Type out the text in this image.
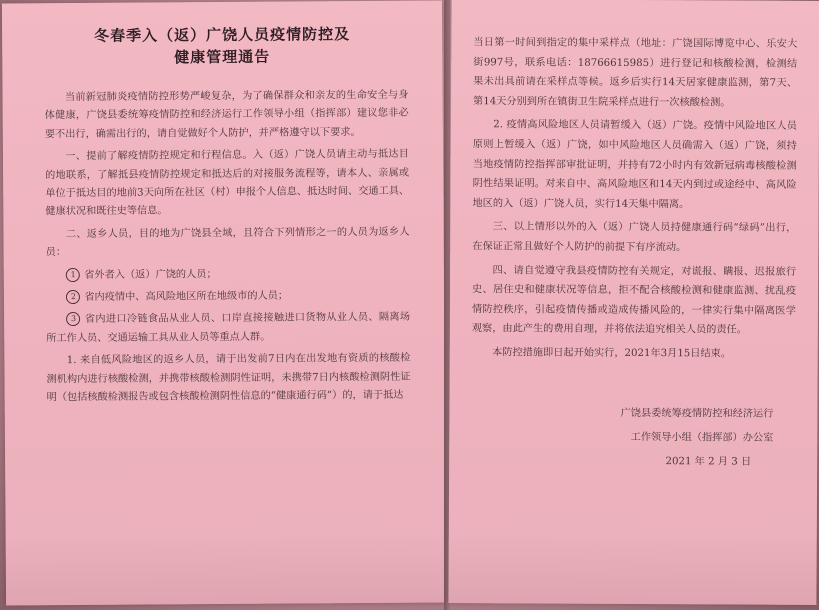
冬春季入（返）广饶人员疫情防控及
健康管理通告

当前新冠肺炎疫情防控形势严峻复杂，为了确保群众和亲友的生命安全与身体健康，广饶县委统筹疫情防控和经济运行工作领导小组（指挥部）建议您非必要不出行，确需出行的，请自觉做好个人防护，并严格遵守以下要求。

一、提前了解疫情防控规定和行程信息。入（返）广饶人员请主动与抵达目的地联系，了解抵县疫情防控规定和抵达后的对接服务流程等，请本人、亲属或单位于抵达目的地前3天向所在社区（村）申报个人信息、抵达时间、交通工具、健康状况和既往史等信息。

二、返乡人员，目的地为广饶县全域，且符合下列情形之一的人员为返乡人员：

1 省外者入（返）广饶的人员；

2 省内疫情中、高风险地区所在地级市的人员；

3 省内进口冷链食品从业人员、口岸直接接触进口货物从业人员、隔离场所工作人员、交通运输工具从业人员等重点人群。

1. 来自低风险地区的返乡人员，请于出发前7日内在出发地有资质的核酸检测机构内进行核酸检测，并携带核酸检测阴性证明，未携带7日内核酸检测阴性证明（包括核酸检测报告或包含核酸检测阴性信息的“健康通行码”）的，请于抵达

当日第一时间到指定的集中采样点（地址：广饶国际博览中心、乐安大街997号，联系电话：18766615985）进行登记和核酸检测，检测结果未出具前请在采样点等候。返乡后实行14天居家健康监测，第7天、第14天分别到所在镇街卫生院采样点进行一次核酸检测。

2. 疫情高风险地区人员请暂缓入（返）广饶。疫情中风险地区人员原则上暂缓入（返）广饶，如中风险地区人员确需入（返）广饶，须持当地疫情防控指挥部审批证明，并持有72小时内有效新冠病毒核酸检测阴性结果证明。对来自中、高风险地区和14天内到过或途经中、高风险地区的入（返）广饶人员，实行14天集中隔离。

三、以上情形以外的入（返）广饶人员持健康通行码“绿码”出行，在保证正常且做好个人防护的前提下有序流动。

四、请自觉遵守我县疫情防控有关规定，对谎报、瞒报、迟报旅行史、居住史和健康状况等信息，拒不配合核酸检测和健康监测、扰乱疫情防控秩序，引起疫情传播或造成传播风险的，一律实行集中隔离医学观察，由此产生的费用自理，并将依法追究相关人员的责任。

本防控措施即日起开始实行，2021年3月15日结束。

广饶县委统筹疫情防控和经济运行
工作领导小组（指挥部）办公室
2021 年 2 月 3 日
